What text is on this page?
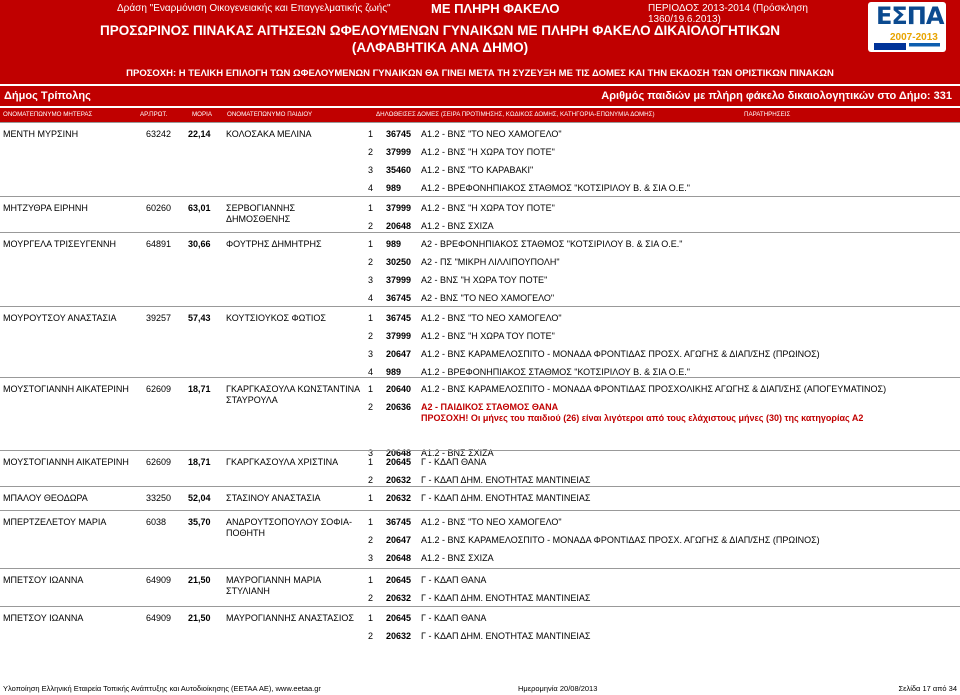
Δράση "Εναρμόνιση Οικογενειακής και Επαγγελματικής ζωής"	ΜΕ ΠΛΗΡΗ ΦΑΚΕΛΟ	ΠΕΡΙΟΔΟΣ 2013-2014 (Πρόσκληση 1360/19.6.2013)
ΠΡΟΣΩΡΙΝΟΣ ΠΙΝΑΚΑΣ ΑΙΤΗΣΕΩΝ ΩΦΕΛΟΥΜΕΝΩΝ ΓΥΝΑΙΚΩΝ ΜΕ ΠΛΗΡΗ ΦΑΚΕΛΟ ΔΙΚΑΙΟΛΟΓΗΤΙΚΩΝ
(ΑΛΦΑΒΗΤΙΚΑ ΑΝΑ ΔΗΜΟ)
ΕΣΠΑ
2007-2013
ΠΡΟΣΟΧΗ: Η ΤΕΛΙΚΗ ΕΠΙΛΟΓΗ ΤΩΝ ΩΦΕΛΟΥΜΕΝΩΝ ΓΥΝΑΙΚΩΝ ΘΑ ΓΙΝΕΙ ΜΕΤΑ ΤΗ ΣΥΖΕΥΞΗ ΜΕ ΤΙΣ ΔΟΜΕΣ ΚΑΙ ΤΗΝ ΕΚΔΟΣΗ ΤΩΝ ΟΡΙΣΤΙΚΩΝ ΠΙΝΑΚΩΝ
Δήμος Τρίπολης	Αριθμός παιδιών με πλήρη φάκελο δικαιολογητικών στο Δήμο: 331
ΟΝΟΜΑΤΕΠΩΝΥΜΟ ΜΗΤΕΡΑΣ	ΑΡ.ΠΡΩΤ.	ΜΟΡΙΑ ΟΝΟΜΑΤΕΠΩΝΥΜΟ ΠΑΙΔΙΟΥ	ΔΗΛΩΘΕΙΣΕΣ ΔΟΜΕΣ (ΣΕΙΡΑ ΠΡΟΤΙΜΗΣΗΣ, ΚΩΔΙΚΟΣ ΔΟΜΗΣ, ΚΑΤΗΓΟΡΙΑ-ΕΠΩΝΥΜΙΑ ΔΟΜΗΣ)	ΠΑΡΑΤΗΡΗΣΕΙΣ
ΜΕΝΤΗ ΜΥΡΣΙΝΗ	63242	22,14	ΚΟΛΟΣΑΚΑ ΜΕΛΙΝΑ	1	36745	Α1.2 - ΒΝΣ "ΤΟ ΝΕΟ ΧΑΜΟΓΕΛΟ"
2	37999	Α1.2 - ΒΝΣ "Η ΧΩΡΑ ΤΟΥ ΠΟΤΕ"
3	35460	Α1.2 - ΒΝΣ "ΤΟ ΚΑΡΑΒΑΚΙ"
4	989	Α1.2 - ΒΡΕΦΟΝΗΠΙΑΚΟΣ ΣΤΑΘΜΟΣ "ΚΟΤΣΙΡΙΛΟΥ Β. & ΣΙΑ Ο.Ε."
ΜΗΤΖΥΘΡΑ ΕΙΡΗΝΗ	60260	63,01	ΣΕΡΒΟΓΙΑΝΝΗΣ ΔΗΜΟΣΘΕΝΗΣ
1	37999	Α1.2 - ΒΝΣ "Η ΧΩΡΑ ΤΟΥ ΠΟΤΕ"
2	20648	Α1.2 - ΒΝΣ ΣΧΙΖΑ
ΜΟΥΡΓΕΛΑ ΤΡΙΣΕΥΓΕΝΝΗ	64891	30,66	ΦΟΥΤΡΗΣ ΔΗΜΗΤΡΗΣ	1	989	Α2 - ΒΡΕΦΟΝΗΠΙΑΚΟΣ ΣΤΑΘΜΟΣ "ΚΟΤΣΙΡΙΛΟΥ Β. & ΣΙΑ Ο.Ε."
2	30250	Α2 - ΠΣ "ΜΙΚΡΗ ΛΙΛΛΙΠΟΥΠΟΛΗ"
3	37999	Α2 - ΒΝΣ "Η ΧΩΡΑ ΤΟΥ ΠΟΤΕ"
4	36745	Α2 - ΒΝΣ "ΤΟ ΝΕΟ ΧΑΜΟΓΕΛΟ"
ΜΟΥΡΟΥΤΣΟΥ ΑΝΑΣΤΑΣΙΑ	39257	57,43	ΚΟΥΤΣΙΟΥΚΟΣ ΦΩΤΙΟΣ	1	36745	Α1.2 - ΒΝΣ "ΤΟ ΝΕΟ ΧΑΜΟΓΕΛΟ"
2	37999	Α1.2 - ΒΝΣ "Η ΧΩΡΑ ΤΟΥ ΠΟΤΕ"
3	20647	Α1.2 - ΒΝΣ ΚΑΡΑΜΕΛΟΣΠΙΤΟ - ΜΟΝΑΔΑ ΦΡΟΝΤΙΔΑΣ ΠΡΟΣΧ. ΑΓΩΓΗΣ & ΔΙΑΠ/ΣΗΣ (ΠΡΩΙΝΟΣ)
4	989	Α1.2 - ΒΡΕΦΟΝΗΠΙΑΚΟΣ ΣΤΑΘΜΟΣ "ΚΟΤΣΙΡΙΛΟΥ Β. & ΣΙΑ Ο.Ε."
ΜΟΥΣΤΟΓΙΑΝΝΗ ΑΙΚΑΤΕΡΙΝΗ	62609	18,71	ΓΚΑΡΓΚΑΣΟΥΛΑ ΚΩΝΣΤΑΝΤΙΝΑ ΣΤΑΥΡΟΥΛΑ
1	20640	Α1.2 - ΒΝΣ ΚΑΡΑΜΕΛΟΣΠΙΤΟ - ΜΟΝΑΔΑ ΦΡΟΝΤΙΔΑΣ ΠΡΟΣΧΟΛΙΚΗΣ ΑΓΩΓΗΣ & ΔΙΑΠ/ΣΗΣ (ΑΠΟΓΕΥΜΑΤΙΝΟΣ)
2	20636	Α2 - ΠΑΙΔΙΚΟΣ ΣΤΑΘΜΟΣ ΘΑΝΑ
ΠΡΟΣΟΧΗ! Οι μήνες του παιδιού (26) είναι λιγότεροι από τους ελάχιστους μήνες (30) της κατηγορίας Α2
3	20648	Α1.2 - ΒΝΣ ΣΧΙΖΑ
ΜΟΥΣΤΟΓΙΑΝΝΗ ΑΙΚΑΤΕΡΙΝΗ	62609	18,71	ΓΚΑΡΓΚΑΣΟΥΛΑ ΧΡΙΣΤΙΝΑ	1	20645	Γ - ΚΔΑΠ ΘΑΝΑ
2	20632	Γ - ΚΔΑΠ ΔΗΜ. ΕΝΟΤΗΤΑΣ ΜΑΝΤΙΝΕΙΑΣ
ΜΠΑΛΟΥ ΘΕΟΔΩΡΑ	33250	52,04	ΣΤΑΣΙΝΟΥ ΑΝΑΣΤΑΣΙΑ	1	20632	Γ - ΚΔΑΠ ΔΗΜ. ΕΝΟΤΗΤΑΣ ΜΑΝΤΙΝΕΙΑΣ
ΜΠΕΡΤΖΕΛΕΤΟΥ ΜΑΡΙΑ	6038	35,70	ΑΝΔΡΟΥΤΣΟΠΟΥΛΟΥ ΣΟΦΙΑ-ΠΟΘΗΤΗ
1	36745	Α1.2 - ΒΝΣ "ΤΟ ΝΕΟ ΧΑΜΟΓΕΛΟ"
2	20647	Α1.2 - ΒΝΣ ΚΑΡΑΜΕΛΟΣΠΙΤΟ - ΜΟΝΑΔΑ ΦΡΟΝΤΙΔΑΣ ΠΡΟΣΧ. ΑΓΩΓΗΣ & ΔΙΑΠ/ΣΗΣ (ΠΡΩΙΝΟΣ)
3	20648	Α1.2 - ΒΝΣ ΣΧΙΖΑ
ΜΠΕΤΣΟΥ ΙΩΑΝΝΑ	64909	21,50	ΜΑΥΡΟΓΙΑΝΝΗ ΜΑΡΙΑ ΣΤΥΛΙΑΝΗ
1	20645	Γ - ΚΔΑΠ ΘΑΝΑ
2	20632	Γ - ΚΔΑΠ ΔΗΜ. ΕΝΟΤΗΤΑΣ ΜΑΝΤΙΝΕΙΑΣ
ΜΠΕΤΣΟΥ ΙΩΑΝΝΑ	64909	21,50	ΜΑΥΡΟΓΙΑΝΝΗΣ ΑΝΑΣΤΑΣΙΟΣ	1	20645	Γ - ΚΔΑΠ ΘΑΝΑ
2	20632	Γ - ΚΔΑΠ ΔΗΜ. ΕΝΟΤΗΤΑΣ ΜΑΝΤΙΝΕΙΑΣ
Υλοποίηση Ελληνική Εταιρεία Τοπικής Ανάπτυξης και Αυτοδιοίκησης (ΕΕΤΑΑ ΑΕ), www.eetaa.gr	Ημερομηνία 20/08/2013	Σελίδα 17 από 34
